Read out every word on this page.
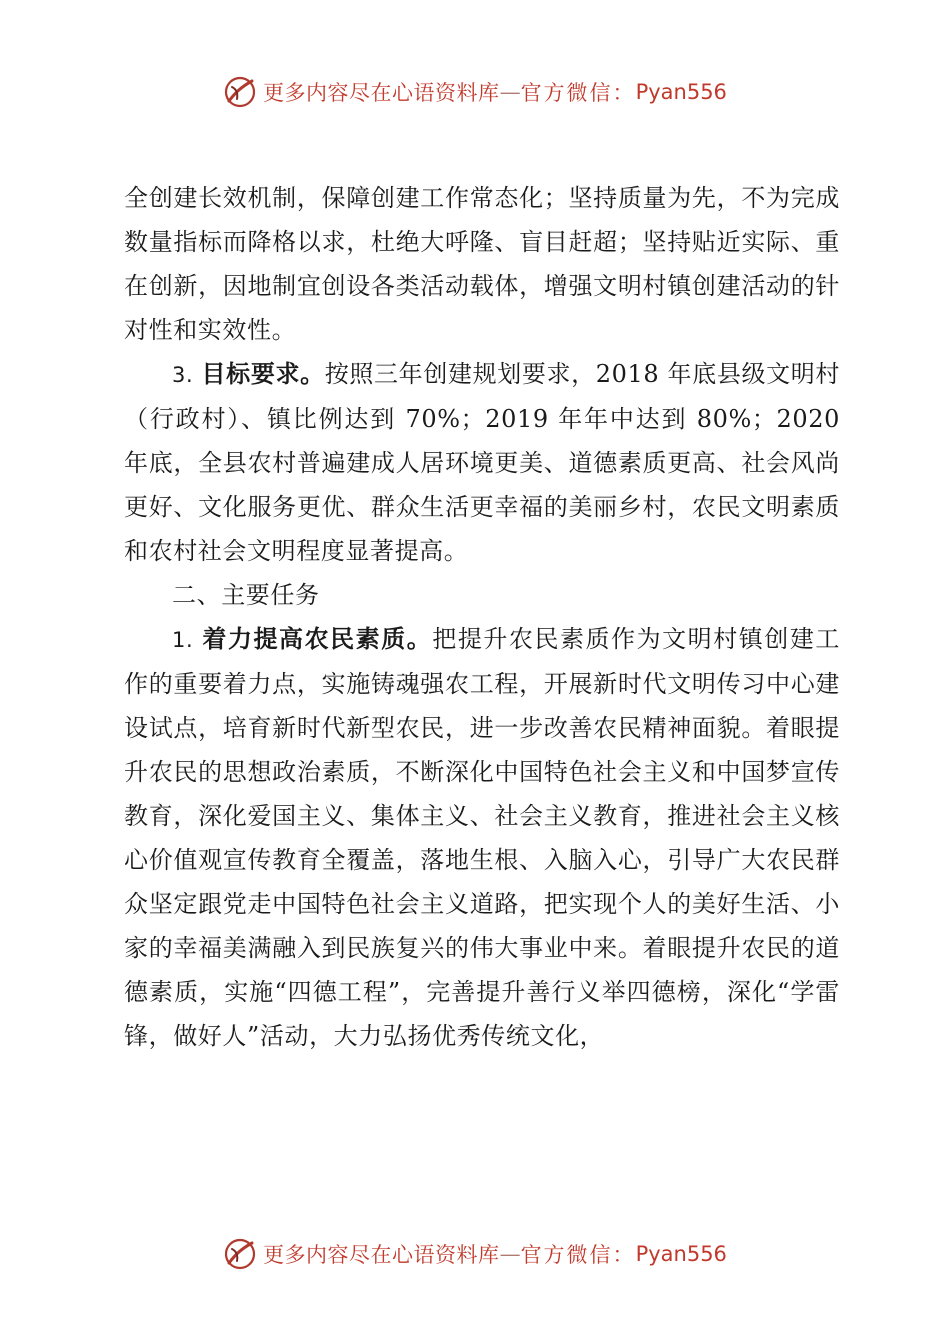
更多内容尽在心语资料库 — 官方微信： Pyan556

全创建长效机制，保障创建工作常态化；坚持质量为先，不为完成数量指标而降格以求，杜绝大呼隆、盲目赶超；坚持贴近实际、重在创新，因地制宜创设各类活动载体，增强文明村镇创建活动的针对性和实效性。

3. 目标要求。按照三年创建规划要求，2018 年底县级文明村（行政村）、镇比例达到 70%；2019 年年中达到 80%；2020 年底，全县农村普遍建成人居环境更美、道德素质更高、社会风尚更好、文化服务更优、群众生活更幸福的美丽乡村，农民文明素质和农村社会文明程度显著提高。

二、主要任务

1. 着力提高农民素质。把提升农民素质作为文明村镇创建工作的重要着力点，实施铸魂强农工程，开展新时代文明传习中心建设试点，培育新时代新型农民，进一步改善农民精神面貌。着眼提升农民的思想政治素质，不断深化中国特色社会主义和中国梦宣传教育，深化爱国主义、集体主义、社会主义教育，推进社会主义核心价值观宣传教育全覆盖，落地生根、入脑入心，引导广大农民群众坚定跟党走中国特色社会主义道路，把实现个人的美好生活、小家的幸福美满融入到民族复兴的伟大事业中来。着眼提升农民的道德素质，实施“四德工程”，完善提升善行义举四德榜，深化“学雷锋，做好人”活动，大力弘扬优秀传统文化，

更多内容尽在心语资料库 — 官方微信： Pyan556
